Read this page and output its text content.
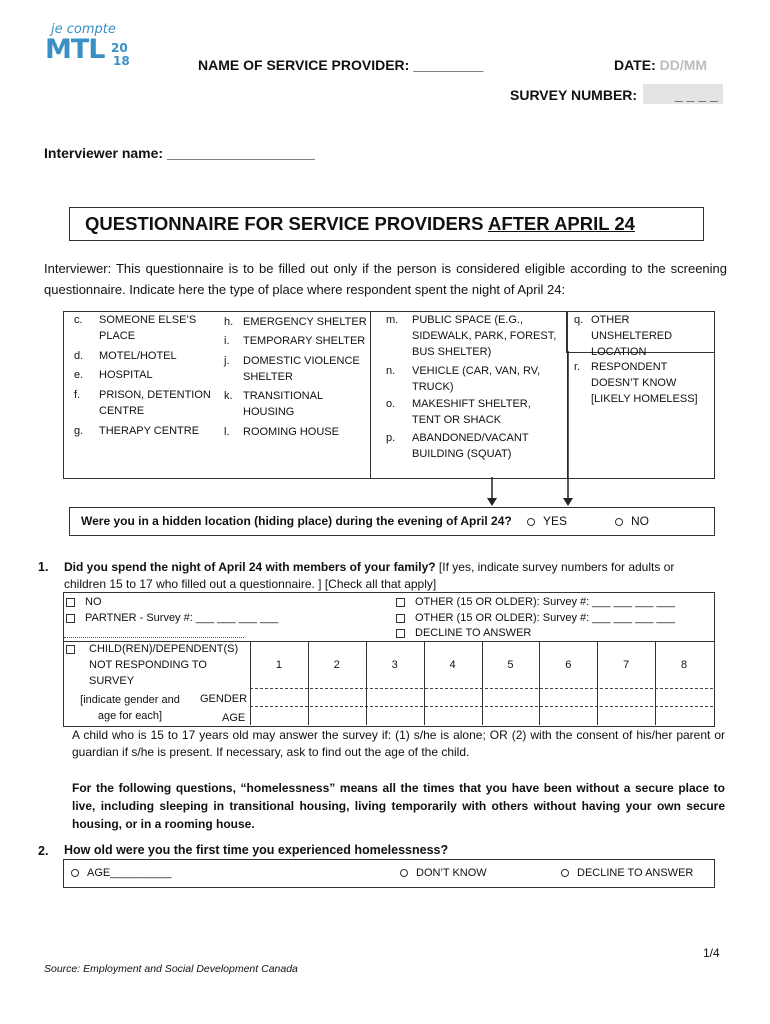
je compte
MTL 20
18	NAME OF SERVICE PROVIDER: _________	DATE: DD/MM
SURVEY NUMBER:	_ _ _ _
Interviewer name: ___________________
QUESTIONNAIRE FOR SERVICE PROVIDERS AFTER APRIL 24
Interviewer: This questionnaire is to be filled out only if the person is considered eligible according to the screening questionnaire. Indicate here the type of place where respondent spent the night of April 24:
c. SOMEONE ELSE’S PLACE
d. MOTEL/HOTEL
e. HOSPITAL
f. PRISON, DETENTION CENTRE
g. THERAPY CENTRE
h. EMERGENCY SHELTER
i. TEMPORARY SHELTER
j. DOMESTIC VIOLENCE SHELTER
k. TRANSITIONAL HOUSING
l. ROOMING HOUSE
m. PUBLIC SPACE (E.G., SIDEWALK, PARK, FOREST, BUS SHELTER)
n. VEHICLE (CAR, VAN, RV, TRUCK)
o. MAKESHIFT SHELTER, TENT OR SHACK
p. ABANDONED/VACANT BUILDING (SQUAT)
q. OTHER UNSHELTERED LOCATION
r. RESPONDENT DOESN’T KNOW [LIKELY HOMELESS]
Were you in a hidden location (hiding place) during the evening of April 24?	YES	NO
1. Did you spend the night of April 24 with members of your family? [If yes, indicate survey numbers for adults or children 15 to 17 who filled out a questionnaire. ] [Check all that apply]
NO
PARTNER - Survey #: ___ ___ ___ ___
OTHER (15 OR OLDER): Survey #: ___ ___ ___ ___
OTHER (15 OR OLDER): Survey #: ___ ___ ___ ___
DECLINE TO ANSWER
CHILD(REN)/DEPENDENT(S) NOT RESPONDING TO SURVEY
[indicate gender and age for each]
GENDER
AGE
1	2	3	4	5	6	7	8
A child who is 15 to 17 years old may answer the survey if: (1) s/he is alone; OR (2) with the consent of his/her parent or guardian if s/he is present. If necessary, ask to find out the age of the child.
For the following questions, “homelessness” means all the times that you have been without a secure place to live, including sleeping in transitional housing, living temporarily with others without having your own secure housing, or in a rooming house.
2. How old were you the first time you experienced homelessness?
AGE__________	DON’T KNOW	DECLINE TO ANSWER
1/4
Source: Employment and Social Development Canada
